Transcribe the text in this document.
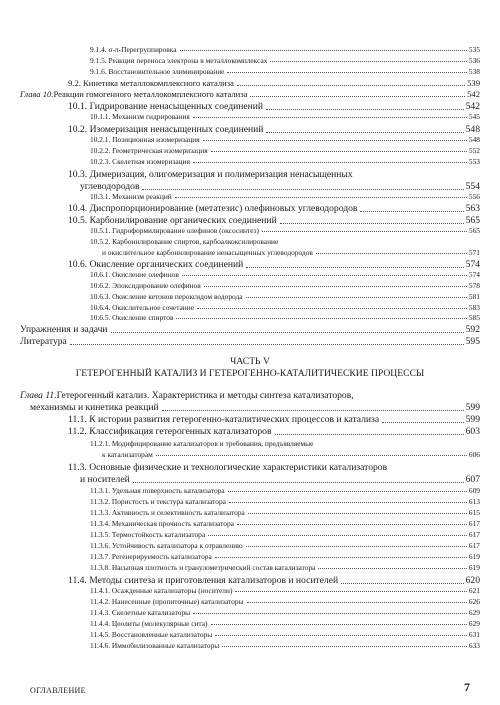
9.1.4. σ-π-Перегруппировка	535
9.1.5. Реакции переноса электрона в металлокомплексах	536
9.1.6. Восстановительное элиминирование	538
9.2. Кинетика металлокомплексного катализа	539
Глава 10. Реакции гомогенного металлокомплексного катализа	542
10.1. Гидрирование ненасыщенных соединений	542
10.1.1. Механизм гидрирования	545
10.2. Изомеризация ненасыщенных соединений	548
10.2.1. Позиционная изомеризация	548
10.2.2. Геометрическая изомеризация	552
10.2.3. Скелетная изомеризация	553
10.3. Димеризация, олигомеризация и полимеризация ненасыщенных
углеводородов	554
10.3.1. Механизм реакций	556
10.4. Диспропорционирование (метатезис) олефиновых углеводородов	563
10.5. Карбонилирование органических соединений	565
10.5.1. Гидроформилирование олефинов (оксосинтез)	565
10.5.2. Карбонилирование спиртов, карбоалкоксилирование
и окислительное карбонилирование ненасыщенных углеводородов	571
10.6. Окисление органических соединений	574
10.6.1. Окисление олефинов	574
10.6.2. Эпоксидирование олефинов	578
10.6.3. Окисление кетонов пероксидом водорода	581
10.6.4. Окислительное сочетание	583
10.6.5. Окисление спиртов	585
Упражнения и задачи	592
Литература	595
ЧАСТЬ V
ГЕТЕРОГЕННЫЙ КАТАЛИЗ И ГЕТЕРОГЕННО-КАТАЛИТИЧЕСКИЕ ПРОЦЕССЫ
Глава 11. Гетерогенный катализ. Характеристика и методы синтеза катализаторов,
механизмы и кинетика реакций	599
11.1. К истории развития гетерогенно-каталитических процессов и катализа	599
11.2. Классификация гетерогенных катализаторов	603
11.2.1. Модифицирование катализаторов и требования, предъявляемые
к катализаторам	606
11.3. Основные физические и технологические характеристики катализаторов
и носителей	607
11.3.1. Удельная поверхность катализатора	609
11.3.2. Пористость и текстура катализатора	613
11.3.3. Активность и селективность катализатора	615
11.3.4. Механическая прочность катализатора	617
11.3.5. Термостойкость катализатора	617
11.3.6. Устойчивость катализатора к отравлению	617
11.3.7. Регенерируемость катализатора	619
11.3.8. Насыпная плотность и гранулометрический состав катализатора	619
11.4. Методы синтеза и приготовления катализаторов и носителей	620
11.4.1. Осажденные катализаторы (носители)	621
11.4.2. Нанесенные (пропиточные) катализаторы	626
11.4.3. Скелетные катализаторы	629
11.4.4. Цеолиты (молекулярные сита)	629
11.4.5. Восстановленные катализаторы	631
11.4.6. Иммобилизованные катализаторы	633
ОГЛАВЛЕНИЕ	7
